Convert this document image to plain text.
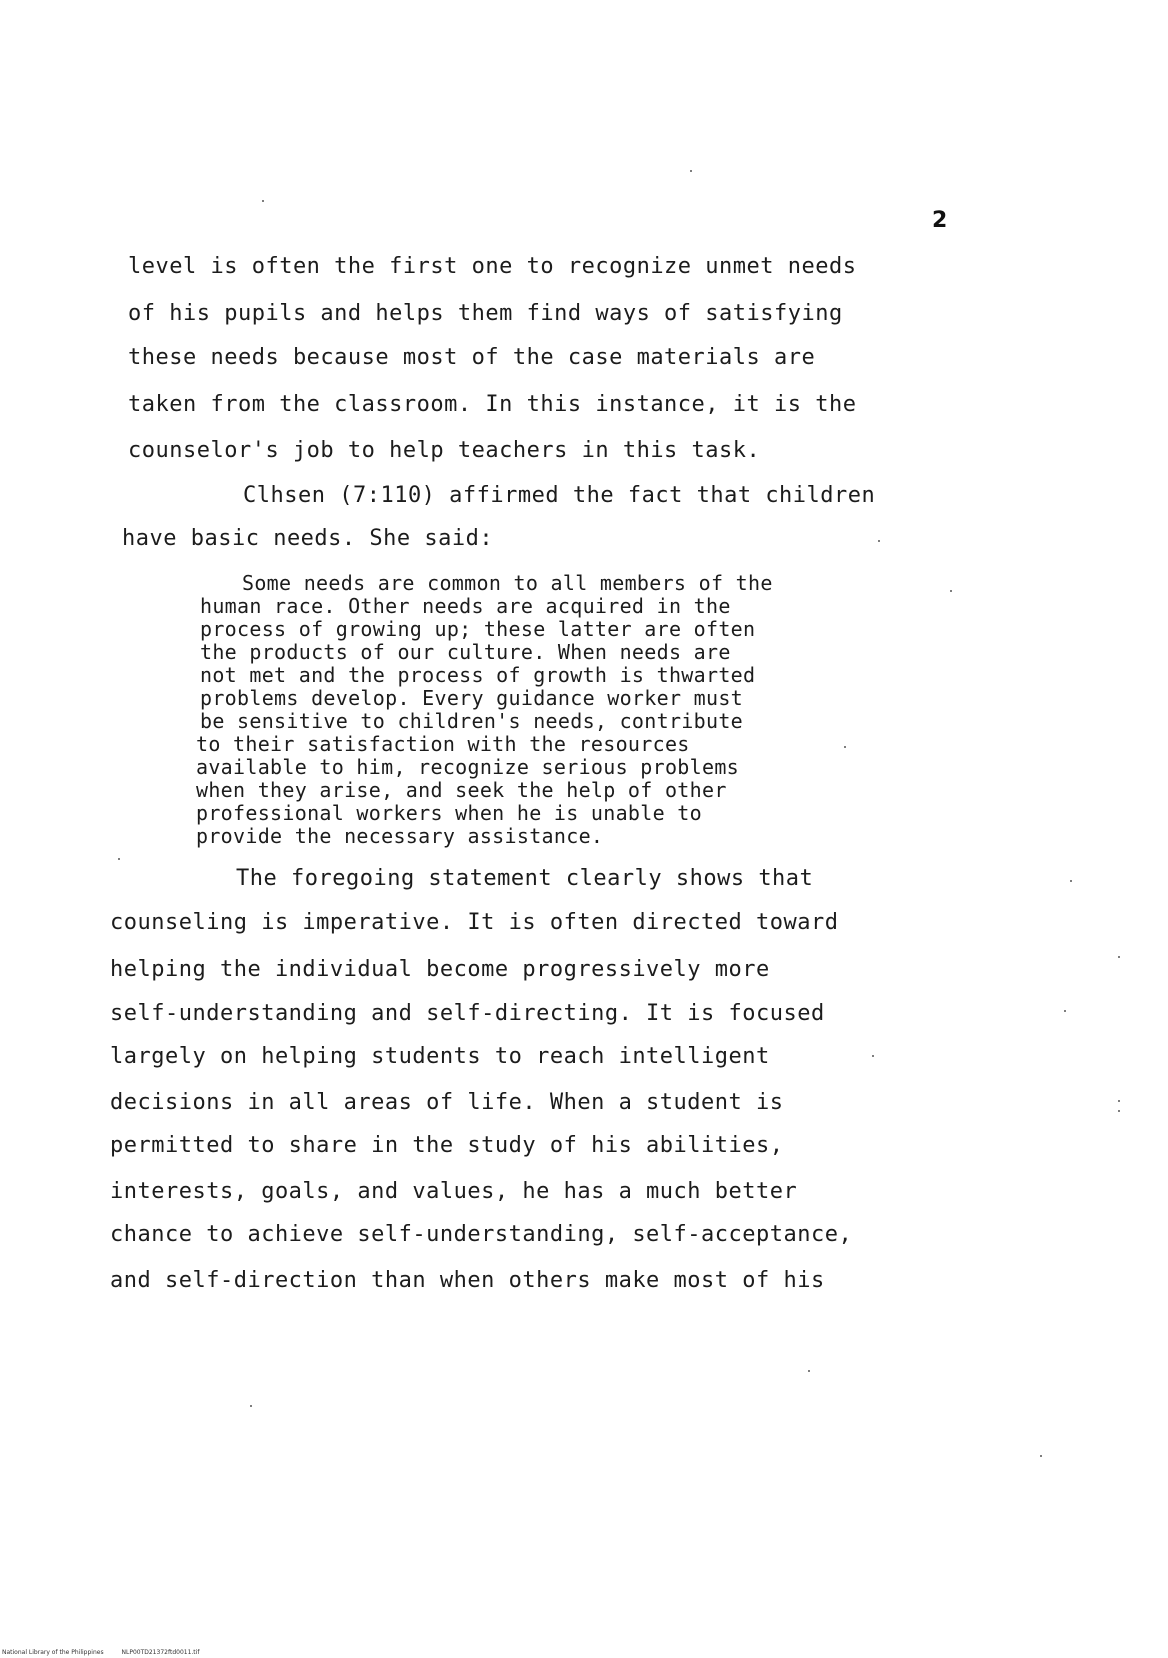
2
level is often the first one to recognize unmet needs
of his pupils and helps them find ways of satisfying
these needs because most of the case materials are
taken from the classroom. In this instance, it is the
counselor's job to help teachers in this task.
Clhsen (7:110) affirmed the fact that children
have basic needs. She said:
Some needs are common to all members of the
human race. Other needs are acquired in the
process of growing up; these latter are often
the products of our culture. When needs are
not met and the process of growth is thwarted
problems develop. Every guidance worker must
be sensitive to children's needs, contribute
to their satisfaction with the resources
available to him, recognize serious problems
when they arise, and seek the help of other
professional workers when he is unable to
provide the necessary assistance.
The foregoing statement clearly shows that
counseling is imperative. It is often directed toward
helping the individual become progressively more
self-understanding and self-directing. It is focused
largely on helping students to reach intelligent
decisions in all areas of life. When a student is
permitted to share in the study of his abilities,
interests, goals, and values, he has a much better
chance to achieve self-understanding, self-acceptance,
and self-direction than when others make most of his
National Library of the Philippines	NLP00TD21372ftd0011.tif
